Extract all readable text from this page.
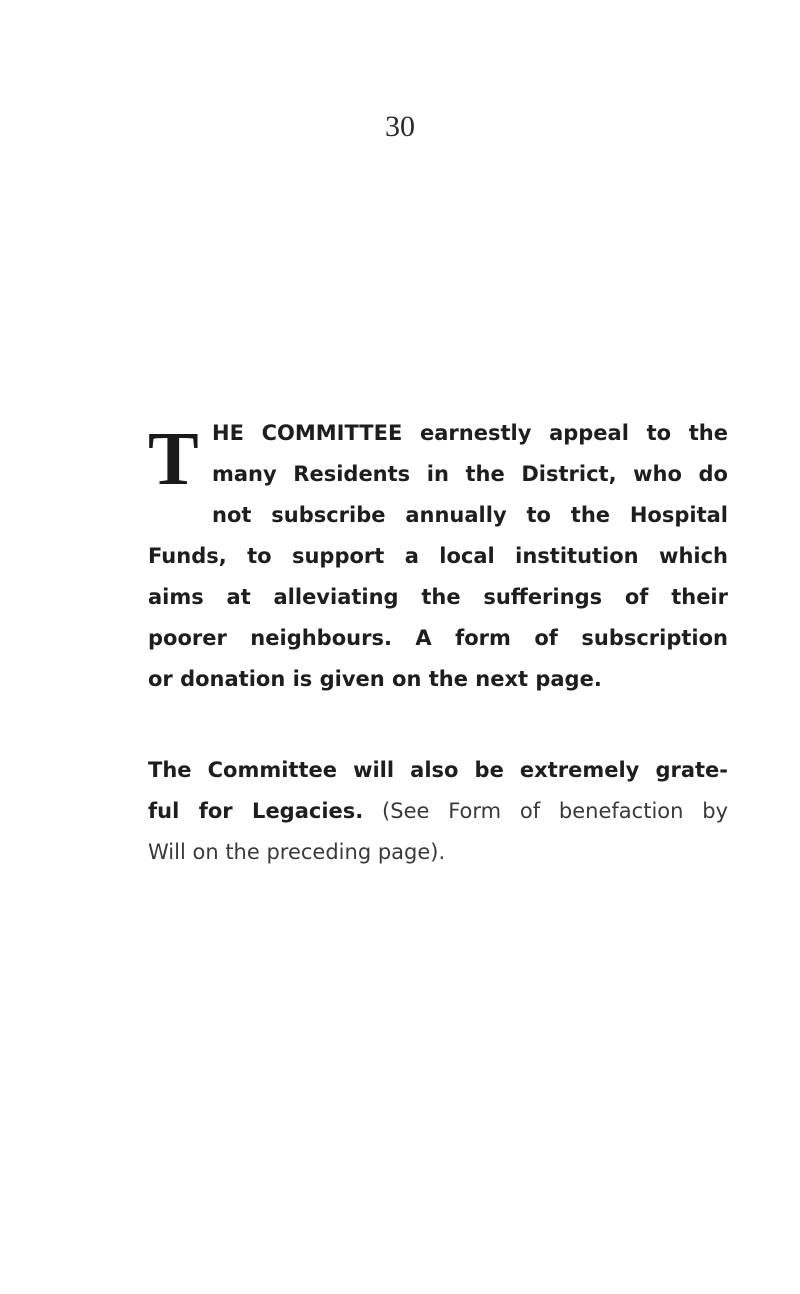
30
T HE COMMITTEE earnestly appeal to the
many Residents in the District, who do
not subscribe annually to the Hospital
Funds, to support a local institution which
aims at alleviating the sufferings of their
poorer neighbours. A form of subscription
or donation is given on the next page.
The Committee will also be extremely grate-
ful for Legacies. (See Form of benefaction by
Will on the preceding page).
